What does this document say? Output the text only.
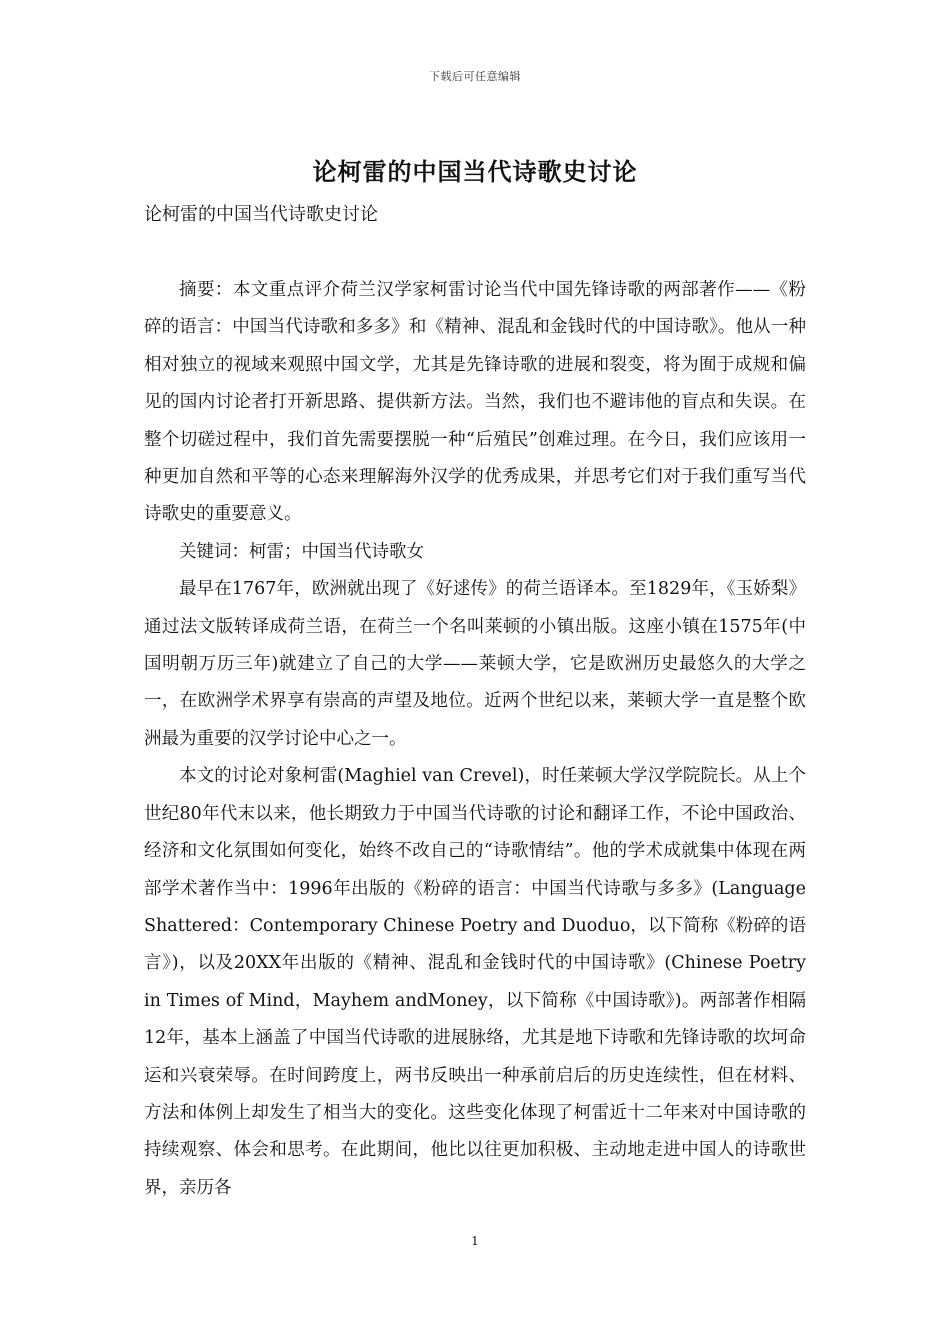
下载后可任意编辑
论柯雷的中国当代诗歌史讨论
论柯雷的中国当代诗歌史讨论

摘要：本文重点评介荷兰汉学家柯雷讨论当代中国先锋诗歌的两部著作——《粉碎的语言：中国当代诗歌和多多》和《精神、混乱和金钱时代的中国诗歌》。他从一种相对独立的视域来观照中国文学，尤其是先锋诗歌的进展和裂变，将为囿于成规和偏见的国内讨论者打开新思路、提供新方法。当然，我们也不避讳他的盲点和失误。在整个切磋过程中，我们首先需要摆脱一种“后殖民”创难过理。在今日，我们应该用一种更加自然和平等的心态来理解海外汉学的优秀成果，并思考它们对于我们重写当代诗歌史的重要意义。

关键词：柯雷；中国当代诗歌女

最早在1767年，欧洲就出现了《好逑传》的荷兰语译本。至1829年，《玉娇梨》通过法文版转译成荷兰语，在荷兰一个名叫莱顿的小镇出版。这座小镇在1575年(中国明朝万历三年)就建立了自己的大学——莱顿大学，它是欧洲历史最悠久的大学之一，在欧洲学术界享有崇高的声望及地位。近两个世纪以来，莱顿大学一直是整个欧洲最为重要的汉学讨论中心之一。

本文的讨论对象柯雷(Maghiel van Crevel)，时任莱顿大学汉学院院长。从上个世纪80年代末以来，他长期致力于中国当代诗歌的讨论和翻译工作，不论中国政治、经济和文化氛围如何变化，始终不改自己的“诗歌情结”。他的学术成就集中体现在两部学术著作当中：1996年出版的《粉碎的语言：中国当代诗歌与多多》(Language Shattered：Contemporary Chinese Poetry and Duoduo，以下简称《粉碎的语言》)，以及20XX年出版的《精神、混乱和金钱时代的中国诗歌》(Chinese Poetry in Times of Mind，Mayhem andMoney，以下简称《中国诗歌》)。两部著作相隔12年，基本上涵盖了中国当代诗歌的进展脉络，尤其是地下诗歌和先锋诗歌的坎坷命运和兴衰荣辱。在时间跨度上，两书反映出一种承前启后的历史连续性，但在材料、方法和体例上却发生了相当大的变化。这些变化体现了柯雷近十二年来对中国诗歌的持续观察、体会和思考。在此期间，他比以往更加积极、主动地走进中国人的诗歌世界，亲历各

1
